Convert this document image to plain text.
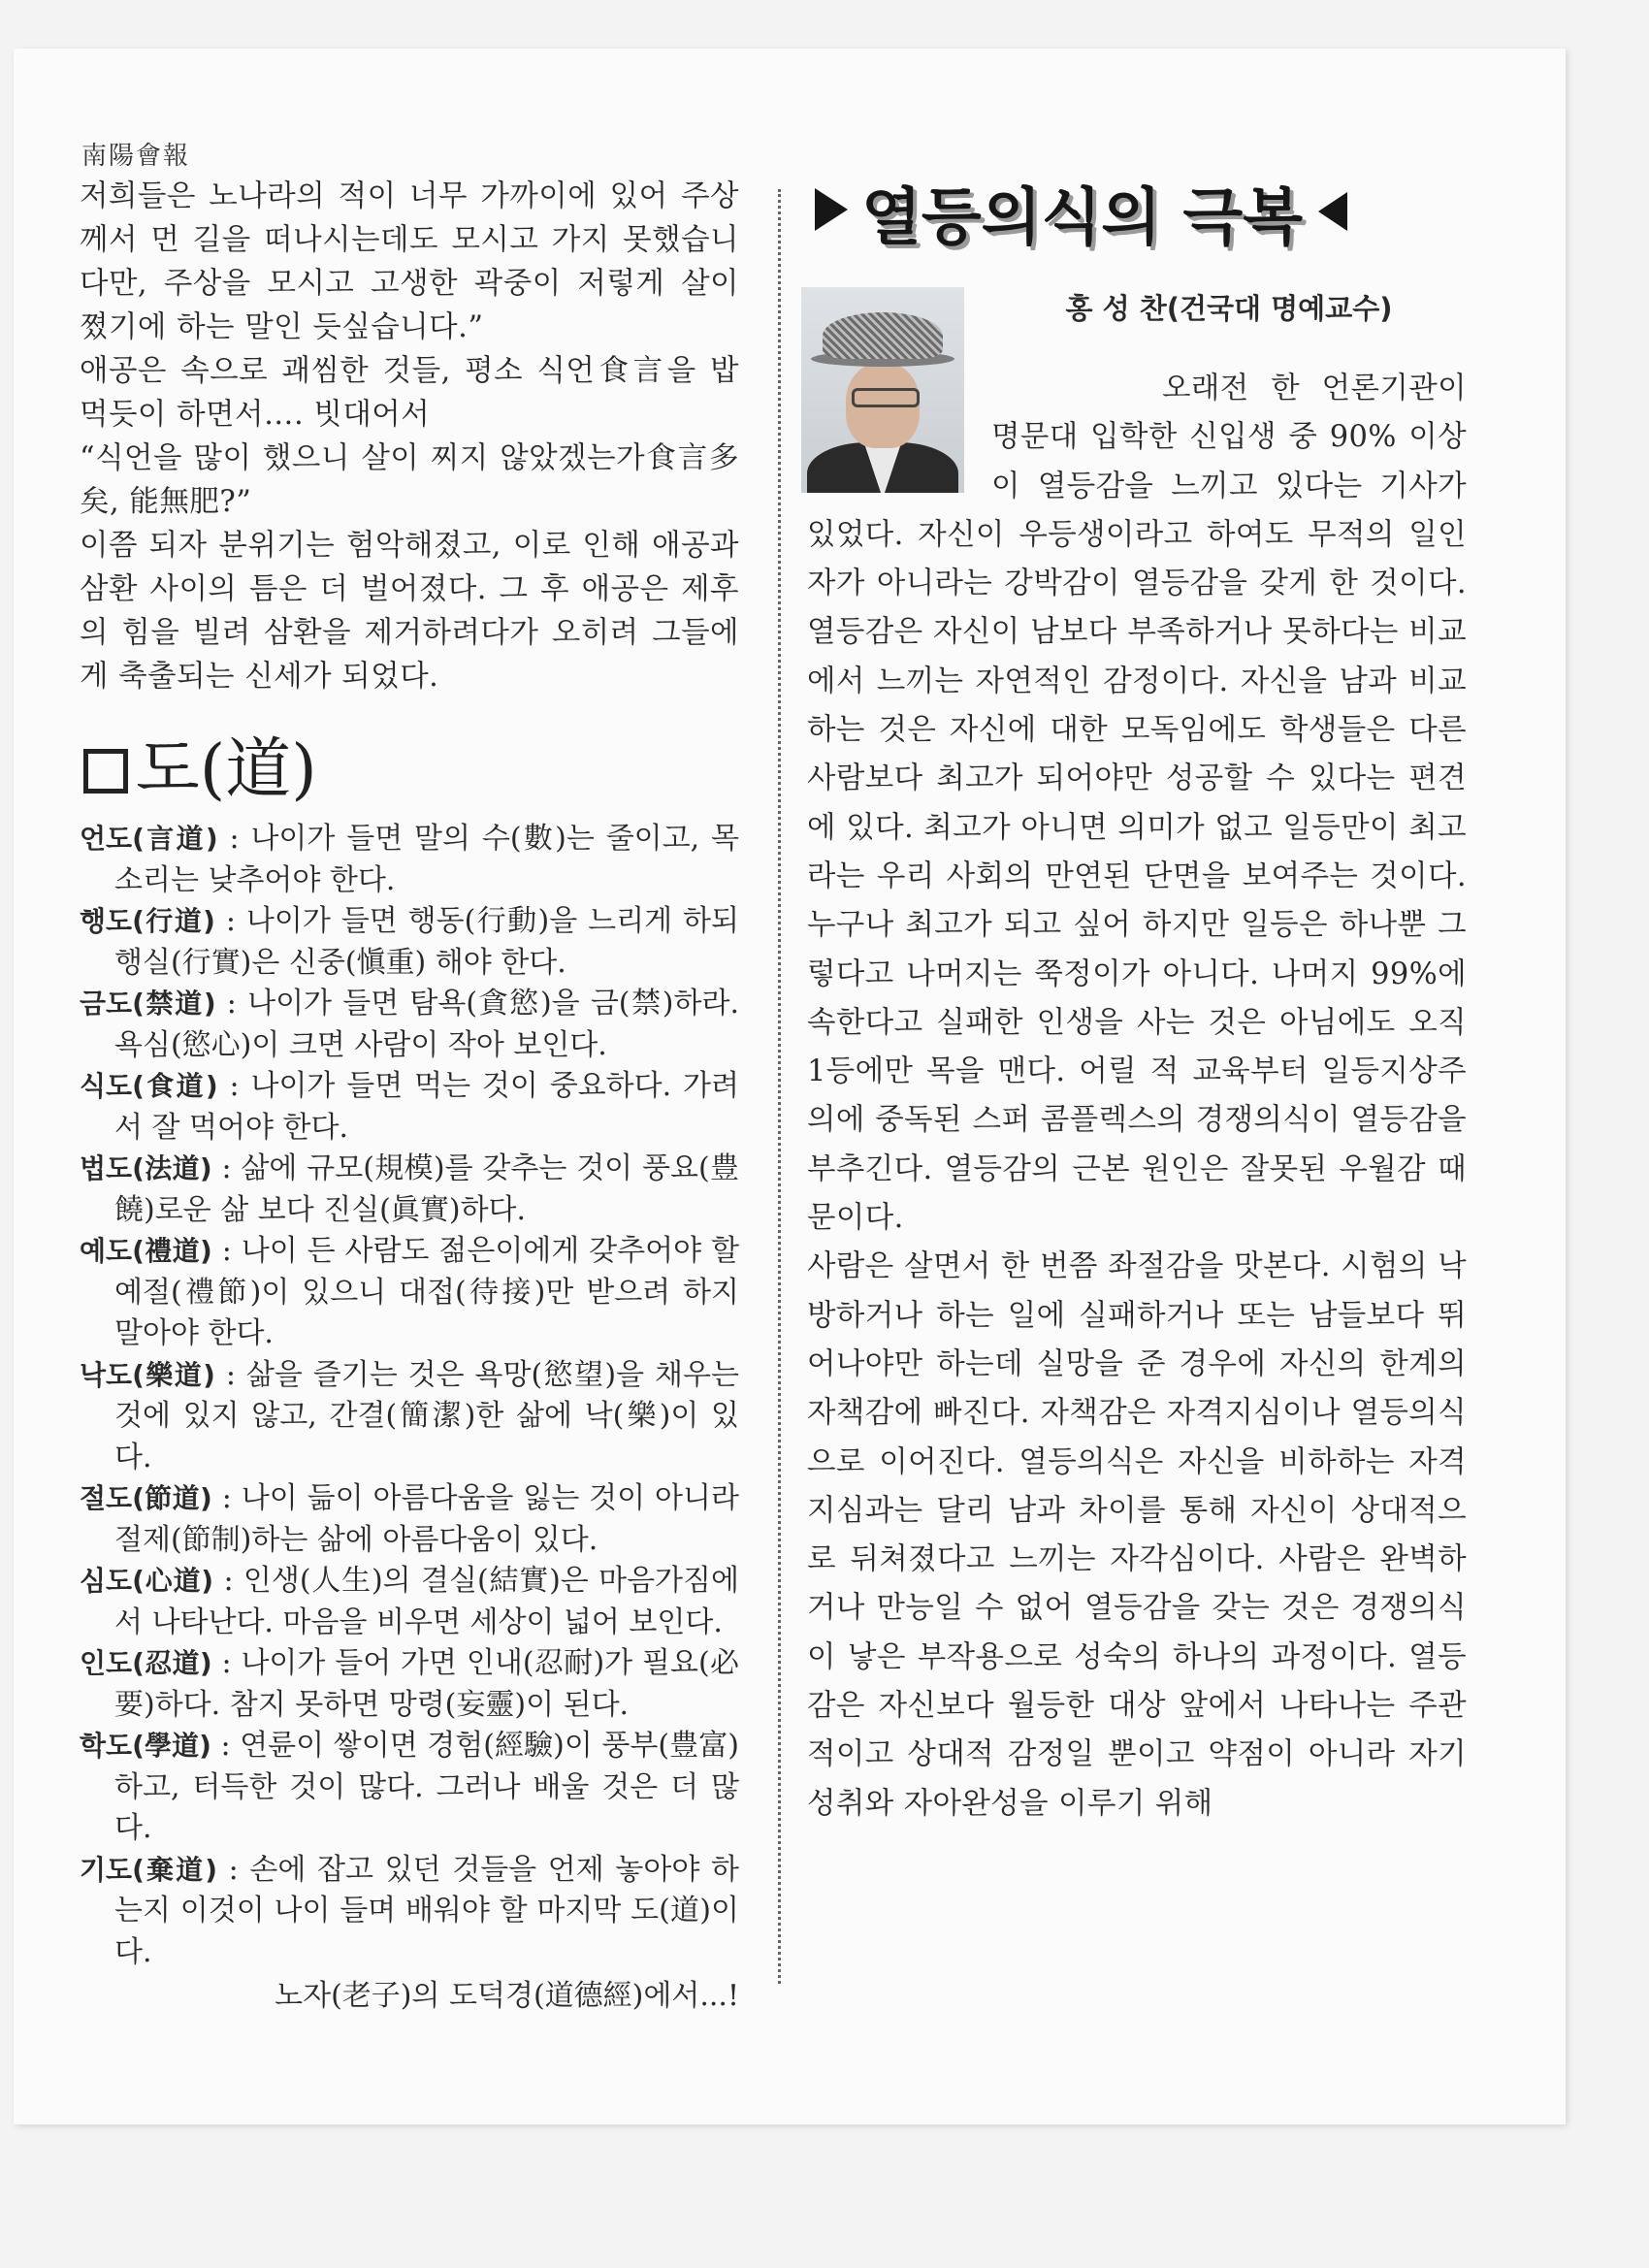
南陽會報

저희들은 노나라의 적이 너무 가까이에 있어 주상께서 먼 길을 떠나시는데도 모시고 가지 못했습니다만, 주상을 모시고 고생한 곽중이 저렇게 살이 쪘기에 하는 말인 듯싶습니다.”

애공은 속으로 괘씸한 것들, 평소 식언食言을 밥 먹듯이 하면서…. 빗대어서

“식언을 많이 했으니 살이 찌지 않았겠는가食言多矣, 能無肥?”

이쯤 되자 분위기는 험악해졌고, 이로 인해 애공과 삼환 사이의 틈은 더 벌어졌다. 그 후 애공은 제후의 힘을 빌려 삼환을 제거하려다가 오히려 그들에게 축출되는 신세가 되었다.

도(道)

언도(言道) : 나이가 들면 말의 수(數)는 줄이고, 목소리는 낮추어야 한다.

행도(行道) : 나이가 들면 행동(行動)을 느리게 하되 행실(行實)은 신중(愼重) 해야 한다.

금도(禁道) : 나이가 들면 탐욕(貪慾)을 금(禁)하라. 욕심(慾心)이 크면 사람이 작아 보인다.

식도(食道) : 나이가 들면 먹는 것이 중요하다. 가려서 잘 먹어야 한다.

법도(法道) : 삶에 규모(規模)를 갖추는 것이 풍요(豊饒)로운 삶 보다 진실(眞實)하다.

예도(禮道) : 나이 든 사람도 젊은이에게 갖추어야 할 예절(禮節)이 있으니 대접(待接)만 받으려 하지 말아야 한다.

낙도(樂道) : 삶을 즐기는 것은 욕망(慾望)을 채우는 것에 있지 않고, 간결(簡潔)한 삶에 낙(樂)이 있다.

절도(節道) : 나이 듦이 아름다움을 잃는 것이 아니라 절제(節制)하는 삶에 아름다움이 있다.

심도(心道) : 인생(人生)의 결실(結實)은 마음가짐에서 나타난다. 마음을 비우면 세상이 넓어 보인다.

인도(忍道) : 나이가 들어 가면 인내(忍耐)가 필요(必要)하다. 참지 못하면 망령(妄靈)이 된다.

학도(學道) : 연륜이 쌓이면 경험(經驗)이 풍부(豊富)하고, 터득한 것이 많다. 그러나 배울 것은 더 많다.

기도(棄道) : 손에 잡고 있던 것들을 언제 놓아야 하는지 이것이 나이 들며 배워야 할 마지막 도(道)이다.

노자(老子)의 도덕경(道德經)에서...!

열등의식의 극복
홍 성 찬(건국대 명예교수)

오래전 한 언론기관이 명문대 입학한 신입생 중 90% 이상이 열등감을 느끼고 있다는 기사가 있었다. 자신이 우등생이라고 하여도 무적의 일인자가 아니라는 강박감이 열등감을 갖게 한 것이다. 열등감은 자신이 남보다 부족하거나 못하다는 비교에서 느끼는 자연적인 감정이다. 자신을 남과 비교하는 것은 자신에 대한 모독임에도 학생들은 다른 사람보다 최고가 되어야만 성공할 수 있다는 편견에 있다. 최고가 아니면 의미가 없고 일등만이 최고라는 우리 사회의 만연된 단면을 보여주는 것이다. 누구나 최고가 되고 싶어 하지만 일등은 하나뿐 그렇다고 나머지는 쭉정이가 아니다. 나머지 99%에 속한다고 실패한 인생을 사는 것은 아님에도 오직 1등에만 목을 맨다. 어릴 적 교육부터 일등지상주의에 중독된 스퍼 콤플렉스의 경쟁의식이 열등감을 부추긴다. 열등감의 근본 원인은 잘못된 우월감 때문이다.

사람은 살면서 한 번쯤 좌절감을 맛본다. 시험의 낙방하거나 하는 일에 실패하거나 또는 남들보다 뛰어나야만 하는데 실망을 준 경우에 자신의 한계의 자책감에 빠진다. 자책감은 자격지심이나 열등의식으로 이어진다. 열등의식은 자신을 비하하는 자격지심과는 달리 남과 차이를 통해 자신이 상대적으로 뒤쳐졌다고 느끼는 자각심이다. 사람은 완벽하거나 만능일 수 없어 열등감을 갖는 것은 경쟁의식이 낳은 부작용으로 성숙의 하나의 과정이다. 열등감은 자신보다 월등한 대상 앞에서 나타나는 주관적이고 상대적 감정일 뿐이고 약점이 아니라 자기성취와 자아완성을 이루기 위해
